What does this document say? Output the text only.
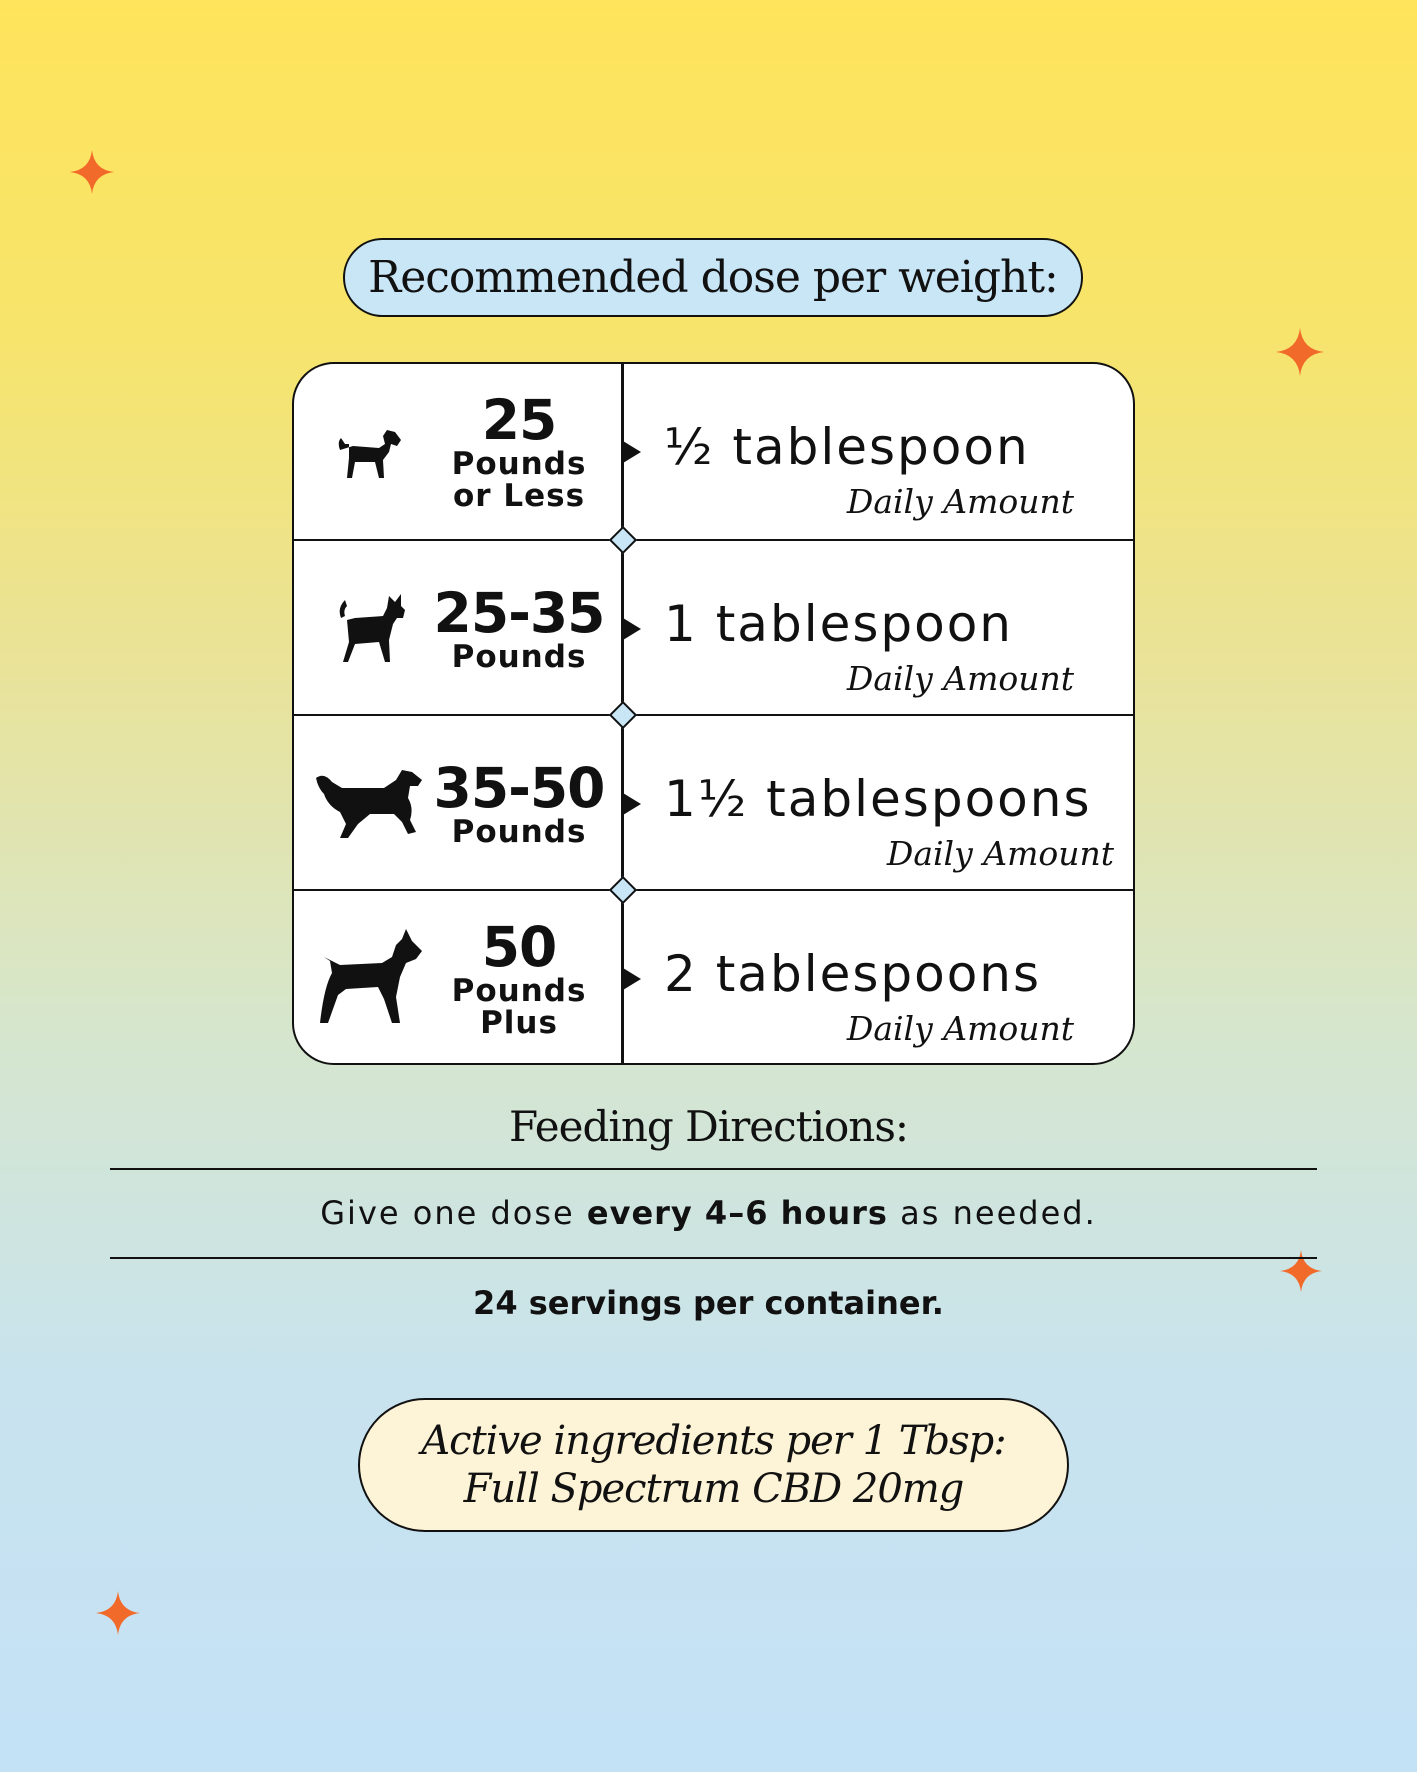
Recommended dose per weight:
25
Pounds
or Less
½ tablespoon
Daily Amount
25-35
Pounds
1 tablespoon
Daily Amount
35-50
Pounds
1½ tablespoons
Daily Amount
50
Pounds
Plus
2 tablespoons
Daily Amount
Feeding Directions:
Give one dose every 4–6 hours as needed.
24 servings per container.
Active ingredients per 1 Tbsp:
Full Spectrum CBD 20mg
